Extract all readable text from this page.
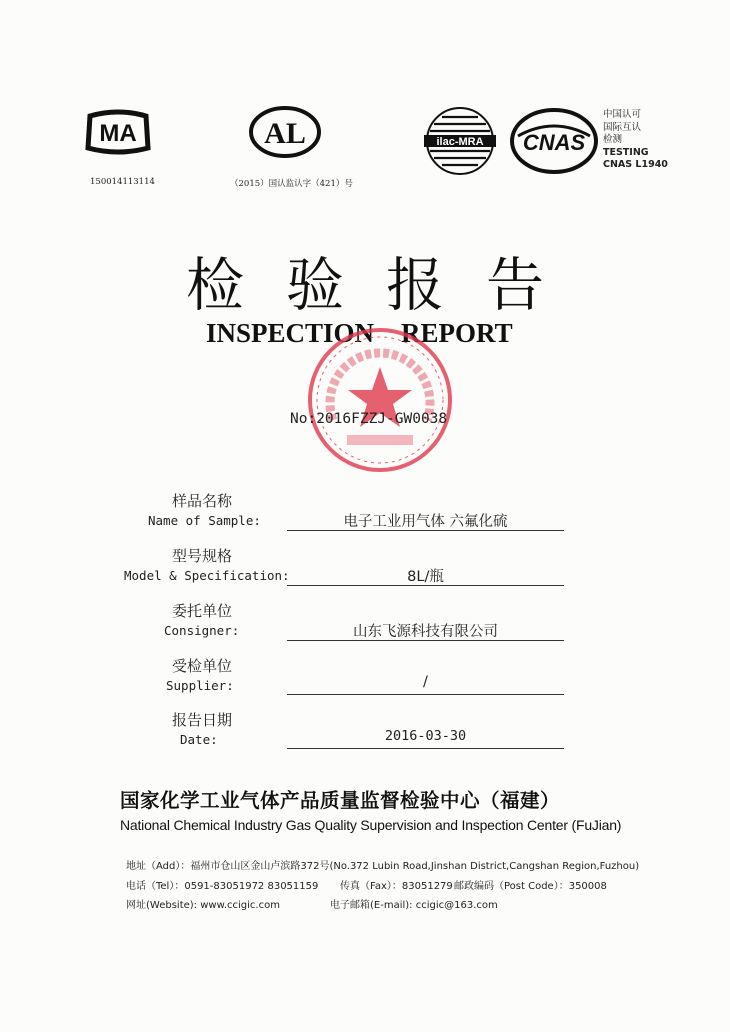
MA
150014113114
AL
（2015）国认监认字（421）号
ilac-MRA CNAS
中国认可
国际互认
检测
TESTING
CNAS L1940
检验报告
INSPECTION    REPORT
No:2016FZZJ-GW0038
样品名称
Name of Sample:	电子工业用气体 六氟化硫
型号规格
Model & Specification:	8L/瓶
委托单位
Consigner:	山东飞源科技有限公司
受检单位
Supplier:	/
报告日期
Date:	2016-03-30
国家化学工业气体产品质量监督检验中心（福建）
National Chemical Industry Gas Quality Supervision and Inspection Center (FuJian)
地址（Add）：福州市仓山区金山卢滨路372号(No.372 Lubin Road,Jinshan District,Cangshan Region,Fuzhou)
电话（Tel）：0591-83051972 83051159 传真（Fax）：83051279 邮政编码（Post Code）：350008
网址(Website): www.ccigic.com	电子邮箱(E-mail): ccigic@163.com
